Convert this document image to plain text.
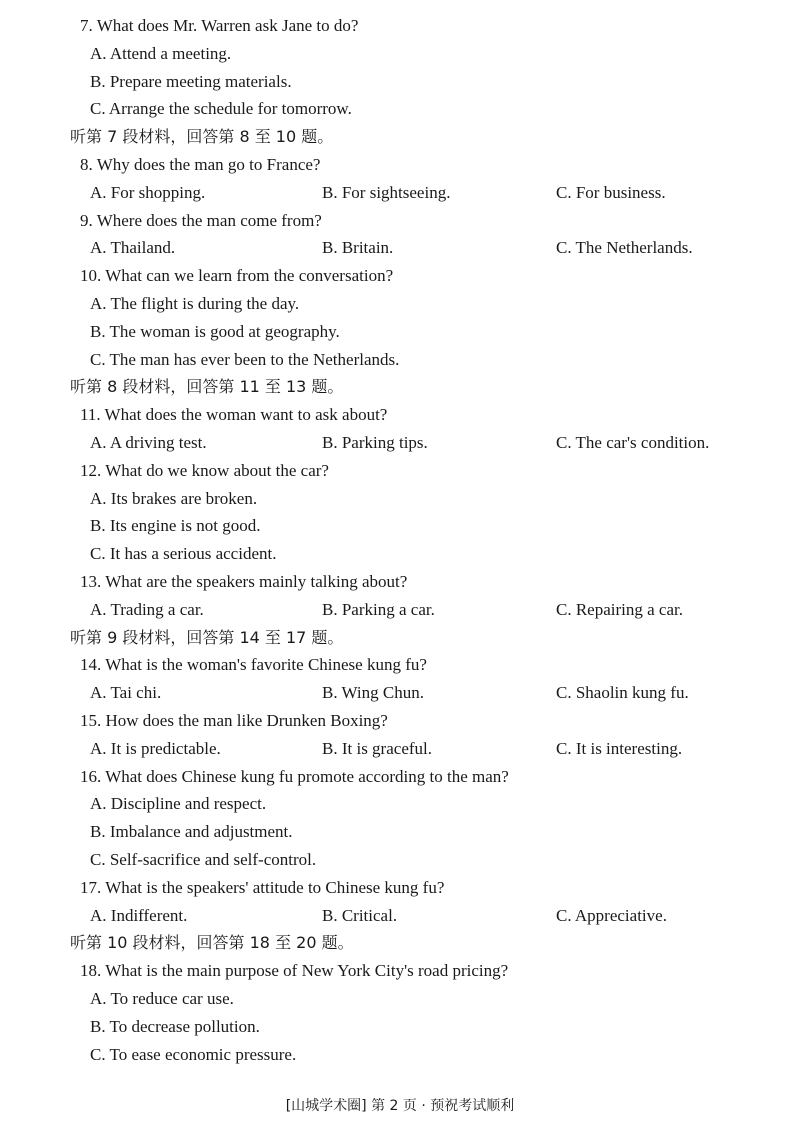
7. What does Mr. Warren ask Jane to do?
A. Attend a meeting.
B. Prepare meeting materials.
C. Arrange the schedule for tomorrow.
听第 7 段材料，回答第 8 至 10 题。
8. Why does the man go to France?
A. For shopping.	B. For sightseeing.	C. For business.
9. Where does the man come from?
A. Thailand.	B. Britain.	C. The Netherlands.
10. What can we learn from the conversation?
A. The flight is during the day.
B. The woman is good at geography.
C. The man has ever been to the Netherlands.
听第 8 段材料，回答第 11 至 13 题。
11. What does the woman want to ask about?
A. A driving test.	B. Parking tips.	C. The car's condition.
12. What do we know about the car?
A. Its brakes are broken.
B. Its engine is not good.
C. It has a serious accident.
13. What are the speakers mainly talking about?
A. Trading a car.	B. Parking a car.	C. Repairing a car.
听第 9 段材料，回答第 14 至 17 题。
14. What is the woman's favorite Chinese kung fu?
A. Tai chi.	B. Wing Chun.	C. Shaolin kung fu.
15. How does the man like Drunken Boxing?
A. It is predictable.	B. It is graceful.	C. It is interesting.
16. What does Chinese kung fu promote according to the man?
A. Discipline and respect.
B. Imbalance and adjustment.
C. Self-sacrifice and self-control.
17. What is the speakers' attitude to Chinese kung fu?
A. Indifferent.	B. Critical.	C. Appreciative.
听第 10 段材料，回答第 18 至 20 题。
18. What is the main purpose of New York City's road pricing?
A. To reduce car use.
B. To decrease pollution.
C. To ease economic pressure.
[山城学术圈] 第 2 页 · 预祝考试顺利
